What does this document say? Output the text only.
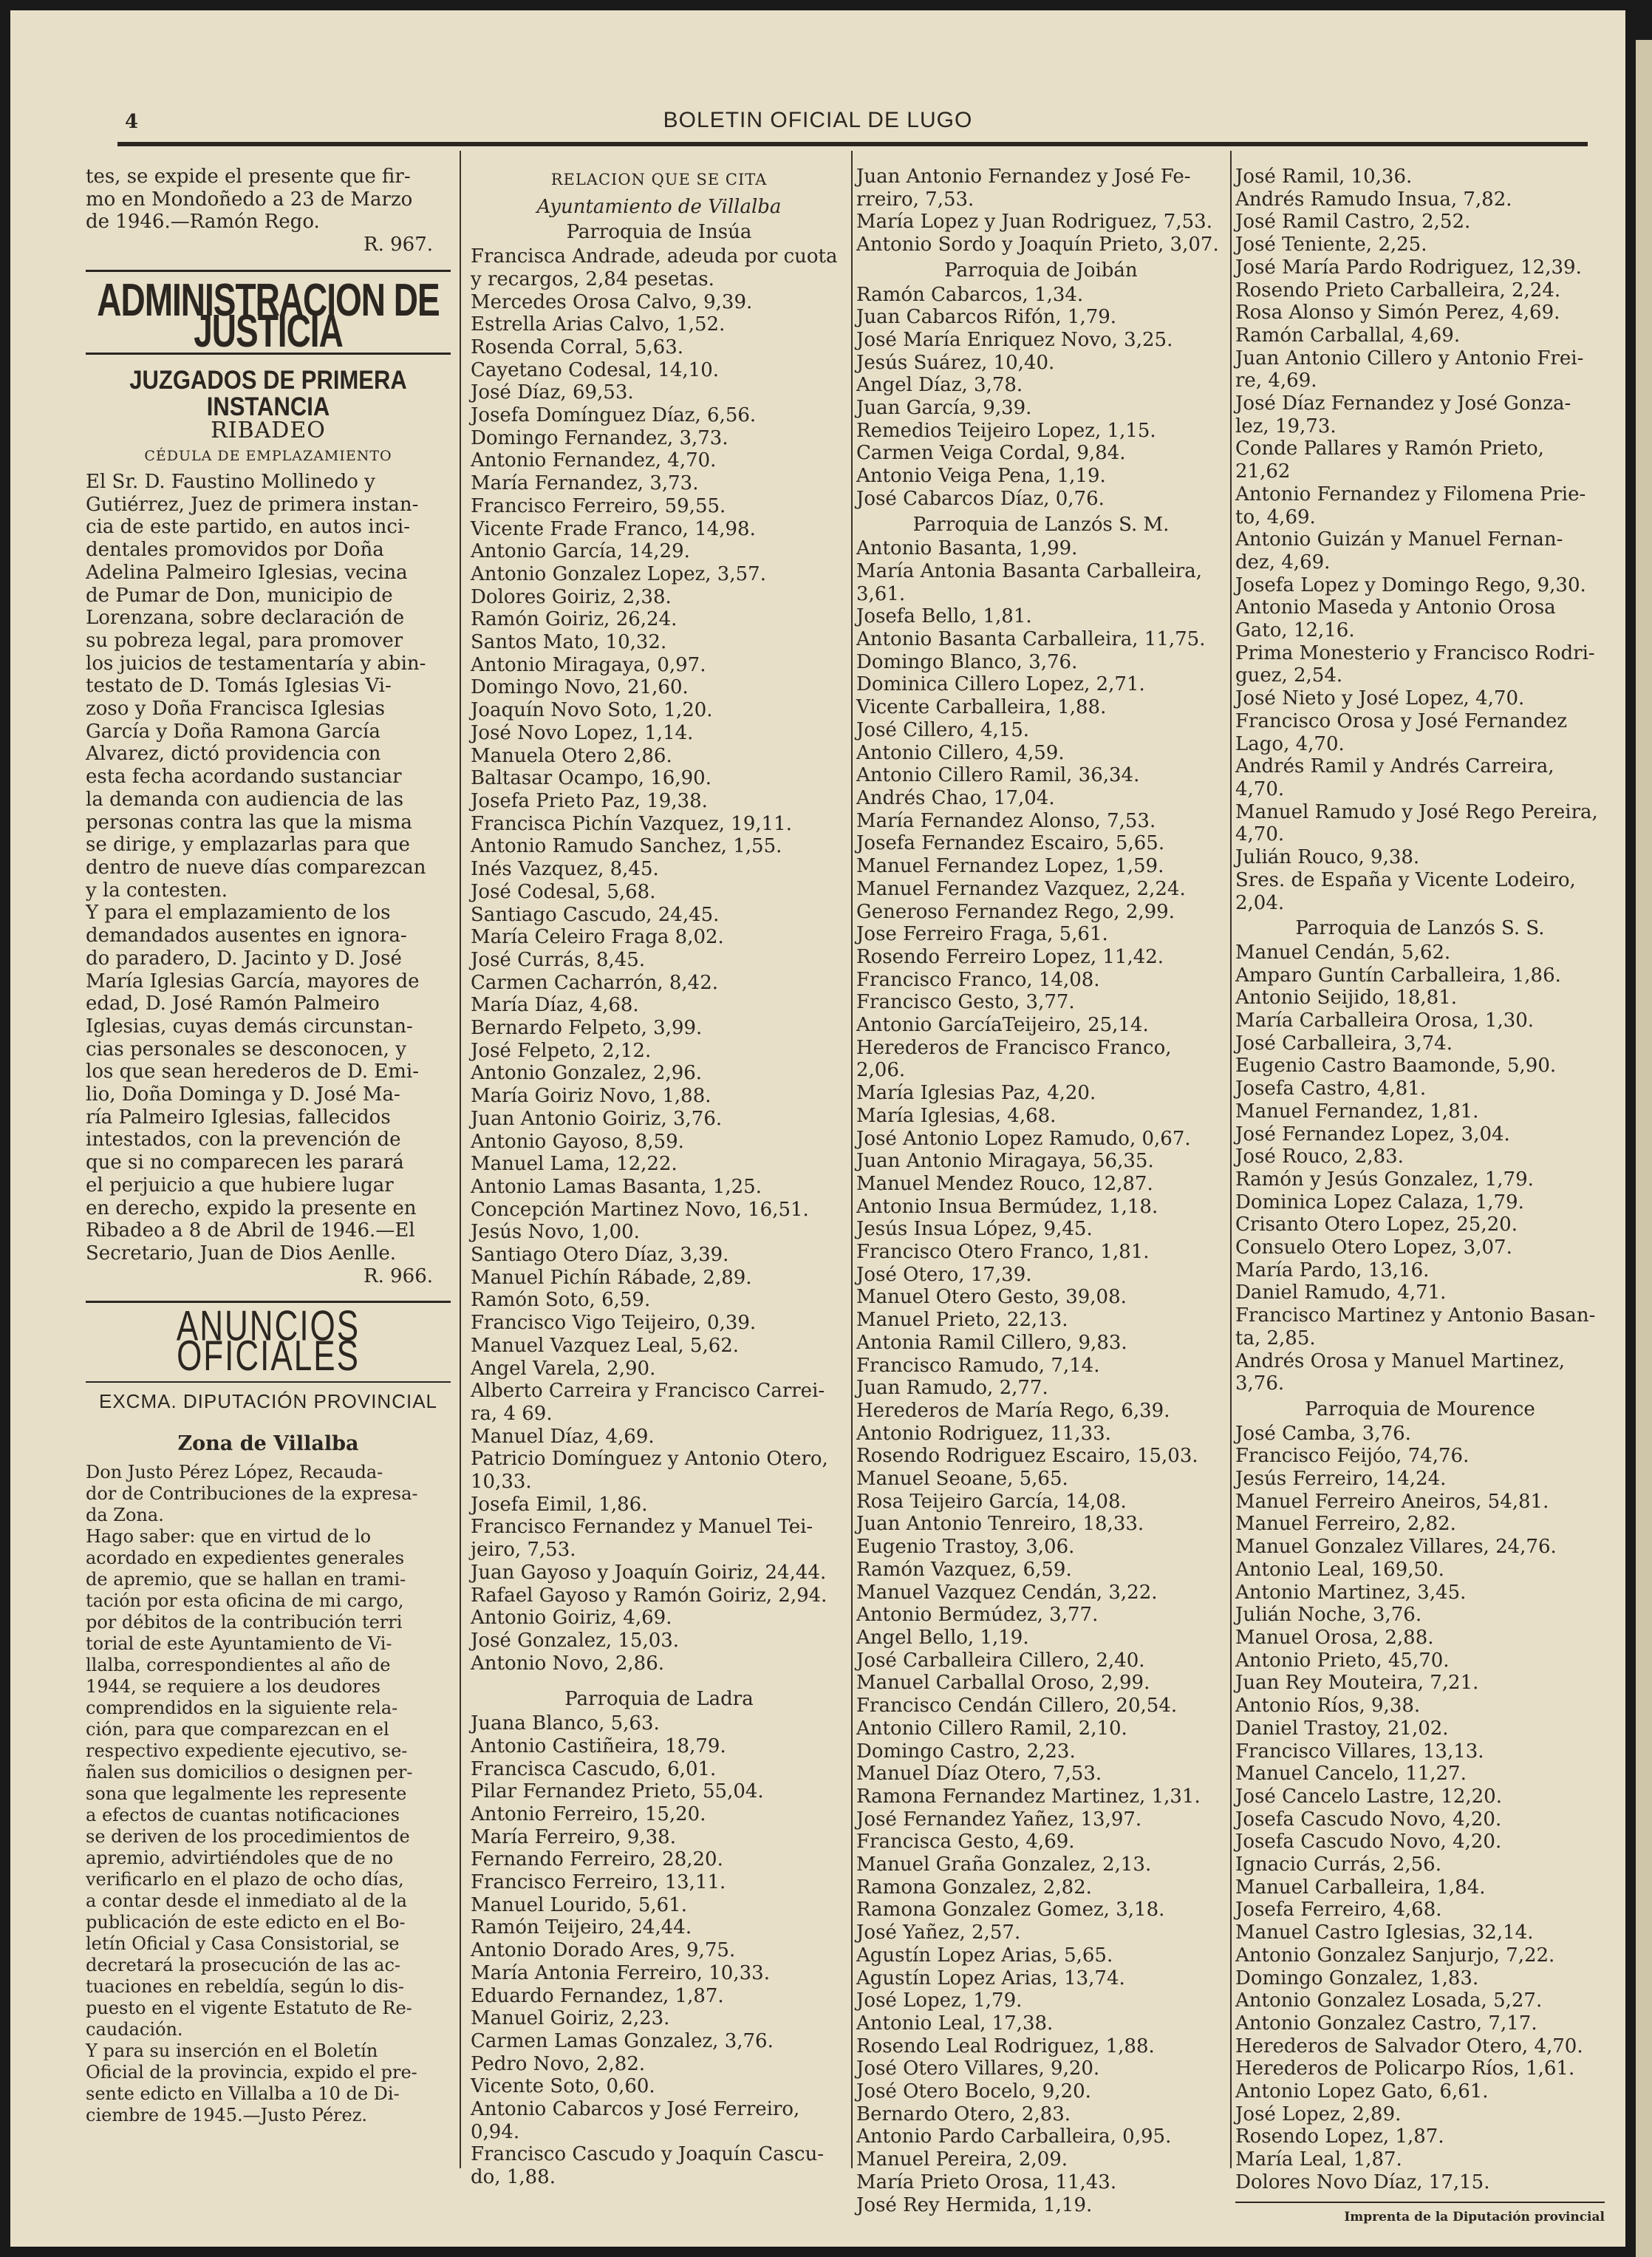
4	BOLETIN OFICIAL DE LUGO

tes, se expide el presente que fir-
mo en Mondoñedo a 23 de Marzo
de 1946.—Ramón Rego.

R. 967.
ADMINISTRACION DE JUSTICIA
JUZGADOS DE PRIMERA INSTANCIA
RIBADEO
CÉDULA DE EMPLAZAMIENTO

El Sr. D. Faustino Mollinedo y
Gutiérrez, Juez de primera instan-
cia de este partido, en autos inci-
dentales promovidos por Doña
Adelina Palmeiro Iglesias, vecina
de Pumar de Don, municipio de
Lorenzana, sobre declaración de
su pobreza legal, para promover
los juicios de testamentaría y abin-
testato de D. Tomás Iglesias Vi-
zoso y Doña Francisca Iglesias
García y Doña Ramona García
Alvarez, dictó providencia con
esta fecha acordando sustanciar
la demanda con audiencia de las
personas contra las que la misma
se dirige, y emplazarlas para que
dentro de nueve días comparezcan
y la contesten.

Y para el emplazamiento de los
demandados ausentes en ignora-
do paradero, D. Jacinto y D. José
María Iglesias García, mayores de
edad, D. José Ramón Palmeiro
Iglesias, cuyas demás circunstan-
cias personales se desconocen, y
los que sean herederos de D. Emi-
lio, Doña Dominga y D. José Ma-
ría Palmeiro Iglesias, fallecidos
intestados, con la prevención de
que si no comparecen les parará
el perjuicio a que hubiere lugar
en derecho, expido la presente en
Ribadeo a 8 de Abril de 1946.—El
Secretario, Juan de Dios Aenlle.

R. 966.
ANUNCIOS OFICIALES
EXCMA. DIPUTACIÓN PROVINCIAL
Zona de Villalba

Don Justo Pérez López, Recauda-
dor de Contribuciones de la expresa-
da Zona.

Hago saber: que en virtud de lo
acordado en expedientes generales
de apremio, que se hallan en trami-
tación por esta oficina de mi cargo,
por débitos de la contribución terri
torial de este Ayuntamiento de Vi-
llalba, correspondientes al año de
1944, se requiere a los deudores
comprendidos en la siguiente rela-
ción, para que comparezcan en el
respectivo expediente ejecutivo, se-
ñalen sus domicilios o designen per-
sona que legalmente les represente
a efectos de cuantas notificaciones
se deriven de los procedimientos de
apremio, advirtiéndoles que de no
verificarlo en el plazo de ocho días,
a contar desde el inmediato al de la
publicación de este edicto en el Bo-
letín Oficial y Casa Consistorial, se
decretará la prosecución de las ac-
tuaciones en rebeldía, según lo dis-
puesto en el vigente Estatuto de Re-
caudación.

Y para su inserción en el Boletín
Oficial de la provincia, expido el pre-
sente edicto en Villalba a 10 de Di-
ciembre de 1945.—Justo Pérez.

RELACION QUE SE CITA
Ayuntamiento de Villalba
Parroquia de Insúa

Francisca Andrade, adeuda por cuota
y recargos, 2,84 pesetas.
Mercedes Orosa Calvo, 9,39.
Estrella Arias Calvo, 1,52.
Rosenda Corral, 5,63.
Cayetano Codesal, 14,10.
José Díaz, 69,53.
Josefa Domínguez Díaz, 6,56.
Domingo Fernandez, 3,73.
Antonio Fernandez, 4,70.
María Fernandez, 3,73.
Francisco Ferreiro, 59,55.
Vicente Frade Franco, 14,98.
Antonio García, 14,29.
Antonio Gonzalez Lopez, 3,57.
Dolores Goiriz, 2,38.
Ramón Goiriz, 26,24.
Santos Mato, 10,32.
Antonio Miragaya, 0,97.
Domingo Novo, 21,60.
Joaquín Novo Soto, 1,20.
José Novo Lopez, 1,14.
Manuela Otero 2,86.
Baltasar Ocampo, 16,90.
Josefa Prieto Paz, 19,38.
Francisca Pichín Vazquez, 19,11.
Antonio Ramudo Sanchez, 1,55.
Inés Vazquez, 8,45.
José Codesal, 5,68.
Santiago Cascudo, 24,45.
María Celeiro Fraga 8,02.
José Currás, 8,45.
Carmen Cacharrón, 8,42.
María Díaz, 4,68.
Bernardo Felpeto, 3,99.
José Felpeto, 2,12.
Antonio Gonzalez, 2,96.
María Goiriz Novo, 1,88.
Juan Antonio Goiriz, 3,76.
Antonio Gayoso, 8,59.
Manuel Lama, 12,22.
Antonio Lamas Basanta, 1,25.
Concepción Martinez Novo, 16,51.
Jesús Novo, 1,00.
Santiago Otero Díaz, 3,39.
Manuel Pichín Rábade, 2,89.
Ramón Soto, 6,59.
Francisco Vigo Teijeiro, 0,39.
Manuel Vazquez Leal, 5,62.
Angel Varela, 2,90.
Alberto Carreira y Francisco Carrei-
ra, 4 69.
Manuel Díaz, 4,69.
Patricio Domínguez y Antonio Otero,
10,33.
Josefa Eimil, 1,86.
Francisco Fernandez y Manuel Tei-
jeiro, 7,53.
Juan Gayoso y Joaquín Goiriz, 24,44.
Rafael Gayoso y Ramón Goiriz, 2,94.
Antonio Goiriz, 4,69.
José Gonzalez, 15,03.
Antonio Novo, 2,86.

Parroquia de Ladra

Juana Blanco, 5,63.
Antonio Castiñeira, 18,79.
Francisca Cascudo, 6,01.
Pilar Fernandez Prieto, 55,04.
Antonio Ferreiro, 15,20.
María Ferreiro, 9,38.
Fernando Ferreiro, 28,20.
Francisco Ferreiro, 13,11.
Manuel Lourido, 5,61.
Ramón Teijeiro, 24,44.
Antonio Dorado Ares, 9,75.
María Antonia Ferreiro, 10,33.
Eduardo Fernandez, 1,87.
Manuel Goiriz, 2,23.
Carmen Lamas Gonzalez, 3,76.
Pedro Novo, 2,82.
Vicente Soto, 0,60.
Antonio Cabarcos y José Ferreiro,
0,94.
Francisco Cascudo y Joaquín Cascu-
do, 1,88.

Juan Antonio Fernandez y José Fe-
rreiro, 7,53.
María Lopez y Juan Rodriguez, 7,53.
Antonio Sordo y Joaquín Prieto, 3,07.

Parroquia de Joibán

Ramón Cabarcos, 1,34.
Juan Cabarcos Rifón, 1,79.
José María Enriquez Novo, 3,25.
Jesús Suárez, 10,40.
Angel Díaz, 3,78.
Juan García, 9,39.
Remedios Teijeiro Lopez, 1,15.
Carmen Veiga Cordal, 9,84.
Antonio Veiga Pena, 1,19.
José Cabarcos Díaz, 0,76.

Parroquia de Lanzós S. M.

Antonio Basanta, 1,99.
María Antonia Basanta Carballeira,
3,61.
Josefa Bello, 1,81.
Antonio Basanta Carballeira, 11,75.
Domingo Blanco, 3,76.
Dominica Cillero Lopez, 2,71.
Vicente Carballeira, 1,88.
José Cillero, 4,15.
Antonio Cillero, 4,59.
Antonio Cillero Ramil, 36,34.
Andrés Chao, 17,04.
María Fernandez Alonso, 7,53.
Josefa Fernandez Escairo, 5,65.
Manuel Fernandez Lopez, 1,59.
Manuel Fernandez Vazquez, 2,24.
Generoso Fernandez Rego, 2,99.
Jose Ferreiro Fraga, 5,61.
Rosendo Ferreiro Lopez, 11,42.
Francisco Franco, 14,08.
Francisco Gesto, 3,77.
Antonio GarcíaTeijeiro, 25,14.
Herederos de Francisco Franco, 2,06.
María Iglesias Paz, 4,20.
María Iglesias, 4,68.
José Antonio Lopez Ramudo, 0,67.
Juan Antonio Miragaya, 56,35.
Manuel Mendez Rouco, 12,87.
Antonio Insua Bermúdez, 1,18.
Jesús Insua López, 9,45.
Francisco Otero Franco, 1,81.
José Otero, 17,39.
Manuel Otero Gesto, 39,08.
Manuel Prieto, 22,13.
Antonia Ramil Cillero, 9,83.
Francisco Ramudo, 7,14.
Juan Ramudo, 2,77.
Herederos de María Rego, 6,39.
Antonio Rodriguez, 11,33.
Rosendo Rodriguez Escairo, 15,03.
Manuel Seoane, 5,65.
Rosa Teijeiro García, 14,08.
Juan Antonio Tenreiro, 18,33.
Eugenio Trastoy, 3,06.
Ramón Vazquez, 6,59.
Manuel Vazquez Cendán, 3,22.
Antonio Bermúdez, 3,77.
Angel Bello, 1,19.
José Carballeira Cillero, 2,40.
Manuel Carballal Oroso, 2,99.
Francisco Cendán Cillero, 20,54.
Antonio Cillero Ramil, 2,10.
Domingo Castro, 2,23.
Manuel Díaz Otero, 7,53.
Ramona Fernandez Martinez, 1,31.
José Fernandez Yañez, 13,97.
Francisca Gesto, 4,69.
Manuel Graña Gonzalez, 2,13.
Ramona Gonzalez, 2,82.
Ramona Gonzalez Gomez, 3,18.
José Yañez, 2,57.
Agustín Lopez Arias, 5,65.
Agustín Lopez Arias, 13,74.
José Lopez, 1,79.
Antonio Leal, 17,38.
Rosendo Leal Rodriguez, 1,88.
José Otero Villares, 9,20.
José Otero Bocelo, 9,20.
Bernardo Otero, 2,83.
Antonio Pardo Carballeira, 0,95.
Manuel Pereira, 2,09.
María Prieto Orosa, 11,43.
José Rey Hermida, 1,19.

José Ramil, 10,36.
Andrés Ramudo Insua, 7,82.
José Ramil Castro, 2,52.
José Teniente, 2,25.
José María Pardo Rodriguez, 12,39.
Rosendo Prieto Carballeira, 2,24.
Rosa Alonso y Simón Perez, 4,69.
Ramón Carballal, 4,69.
Juan Antonio Cillero y Antonio Frei-
re, 4,69.
José Díaz Fernandez y José Gonza-
lez, 19,73.
Conde Pallares y Ramón Prieto, 21,62
Antonio Fernandez y Filomena Prie-
to, 4,69.
Antonio Guizán y Manuel Fernan-
dez, 4,69.
Josefa Lopez y Domingo Rego, 9,30.
Antonio Maseda y Antonio Orosa
Gato, 12,16.
Prima Monesterio y Francisco Rodri-
guez, 2,54.
José Nieto y José Lopez, 4,70.
Francisco Orosa y José Fernandez
Lago, 4,70.
Andrés Ramil y Andrés Carreira,
4,70.
Manuel Ramudo y José Rego Pereira,
4,70.
Julián Rouco, 9,38.
Sres. de España y Vicente Lodeiro,
2,04.

Parroquia de Lanzós S. S.

Manuel Cendán, 5,62.
Amparo Guntín Carballeira, 1,86.
Antonio Seijido, 18,81.
María Carballeira Orosa, 1,30.
José Carballeira, 3,74.
Eugenio Castro Baamonde, 5,90.
Josefa Castro, 4,81.
Manuel Fernandez, 1,81.
José Fernandez Lopez, 3,04.
José Rouco, 2,83.
Ramón y Jesús Gonzalez, 1,79.
Dominica Lopez Calaza, 1,79.
Crisanto Otero Lopez, 25,20.
Consuelo Otero Lopez, 3,07.
María Pardo, 13,16.
Daniel Ramudo, 4,71.
Francisco Martinez y Antonio Basan-
ta, 2,85.
Andrés Orosa y Manuel Martinez,
3,76.

Parroquia de Mourence

José Camba, 3,76.
Francisco Feijóo, 74,76.
Jesús Ferreiro, 14,24.
Manuel Ferreiro Aneiros, 54,81.
Manuel Ferreiro, 2,82.
Manuel Gonzalez Villares, 24,76.
Antonio Leal, 169,50.
Antonio Martinez, 3,45.
Julián Noche, 3,76.
Manuel Orosa, 2,88.
Antonio Prieto, 45,70.
Juan Rey Mouteira, 7,21.
Antonio Ríos, 9,38.
Daniel Trastoy, 21,02.
Francisco Villares, 13,13.
Manuel Cancelo, 11,27.
José Cancelo Lastre, 12,20.
Josefa Cascudo Novo, 4,20.
Josefa Cascudo Novo, 4,20.
Ignacio Currás, 2,56.
Manuel Carballeira, 1,84.
Josefa Ferreiro, 4,68.
Manuel Castro Iglesias, 32,14.
Antonio Gonzalez Sanjurjo, 7,22.
Domingo Gonzalez, 1,83.
Antonio Gonzalez Losada, 5,27.
Antonio Gonzalez Castro, 7,17.
Herederos de Salvador Otero, 4,70.
Herederos de Policarpo Ríos, 1,61.
Antonio Lopez Gato, 6,61.
José Lopez, 2,89.
Rosendo Lopez, 1,87.
María Leal, 1,87.
Dolores Novo Díaz, 17,15.

Imprenta de la Diputación provincial
